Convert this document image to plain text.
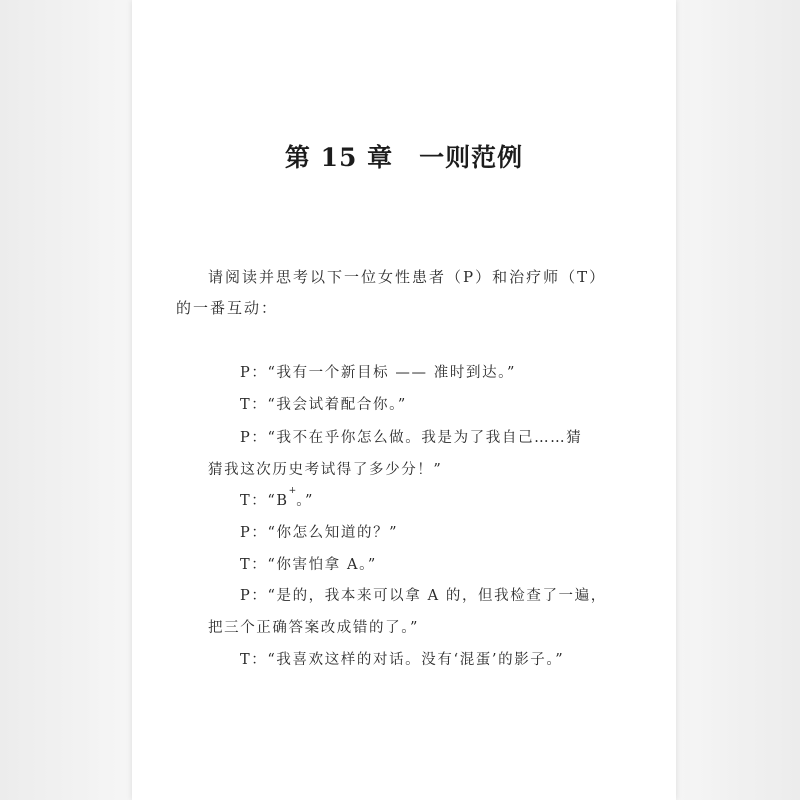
第 15 章　一则范例
请阅读并思考以下一位女性患者（P）和治疗师（T）
的一番互动：
P：“我有一个新目标 —— 准时到达。”
T：“我会试着配合你。”
P：“我不在乎你怎么做。我是为了我自己……猜
猜我这次历史考试得了多少分！”
T：“B+。”
P：“你怎么知道的？”
T：“你害怕拿 A。”
P：“是的，我本来可以拿 A 的，但我检查了一遍，
把三个正确答案改成错的了。”
T：“我喜欢这样的对话。没有‘混蛋’的影子。”
